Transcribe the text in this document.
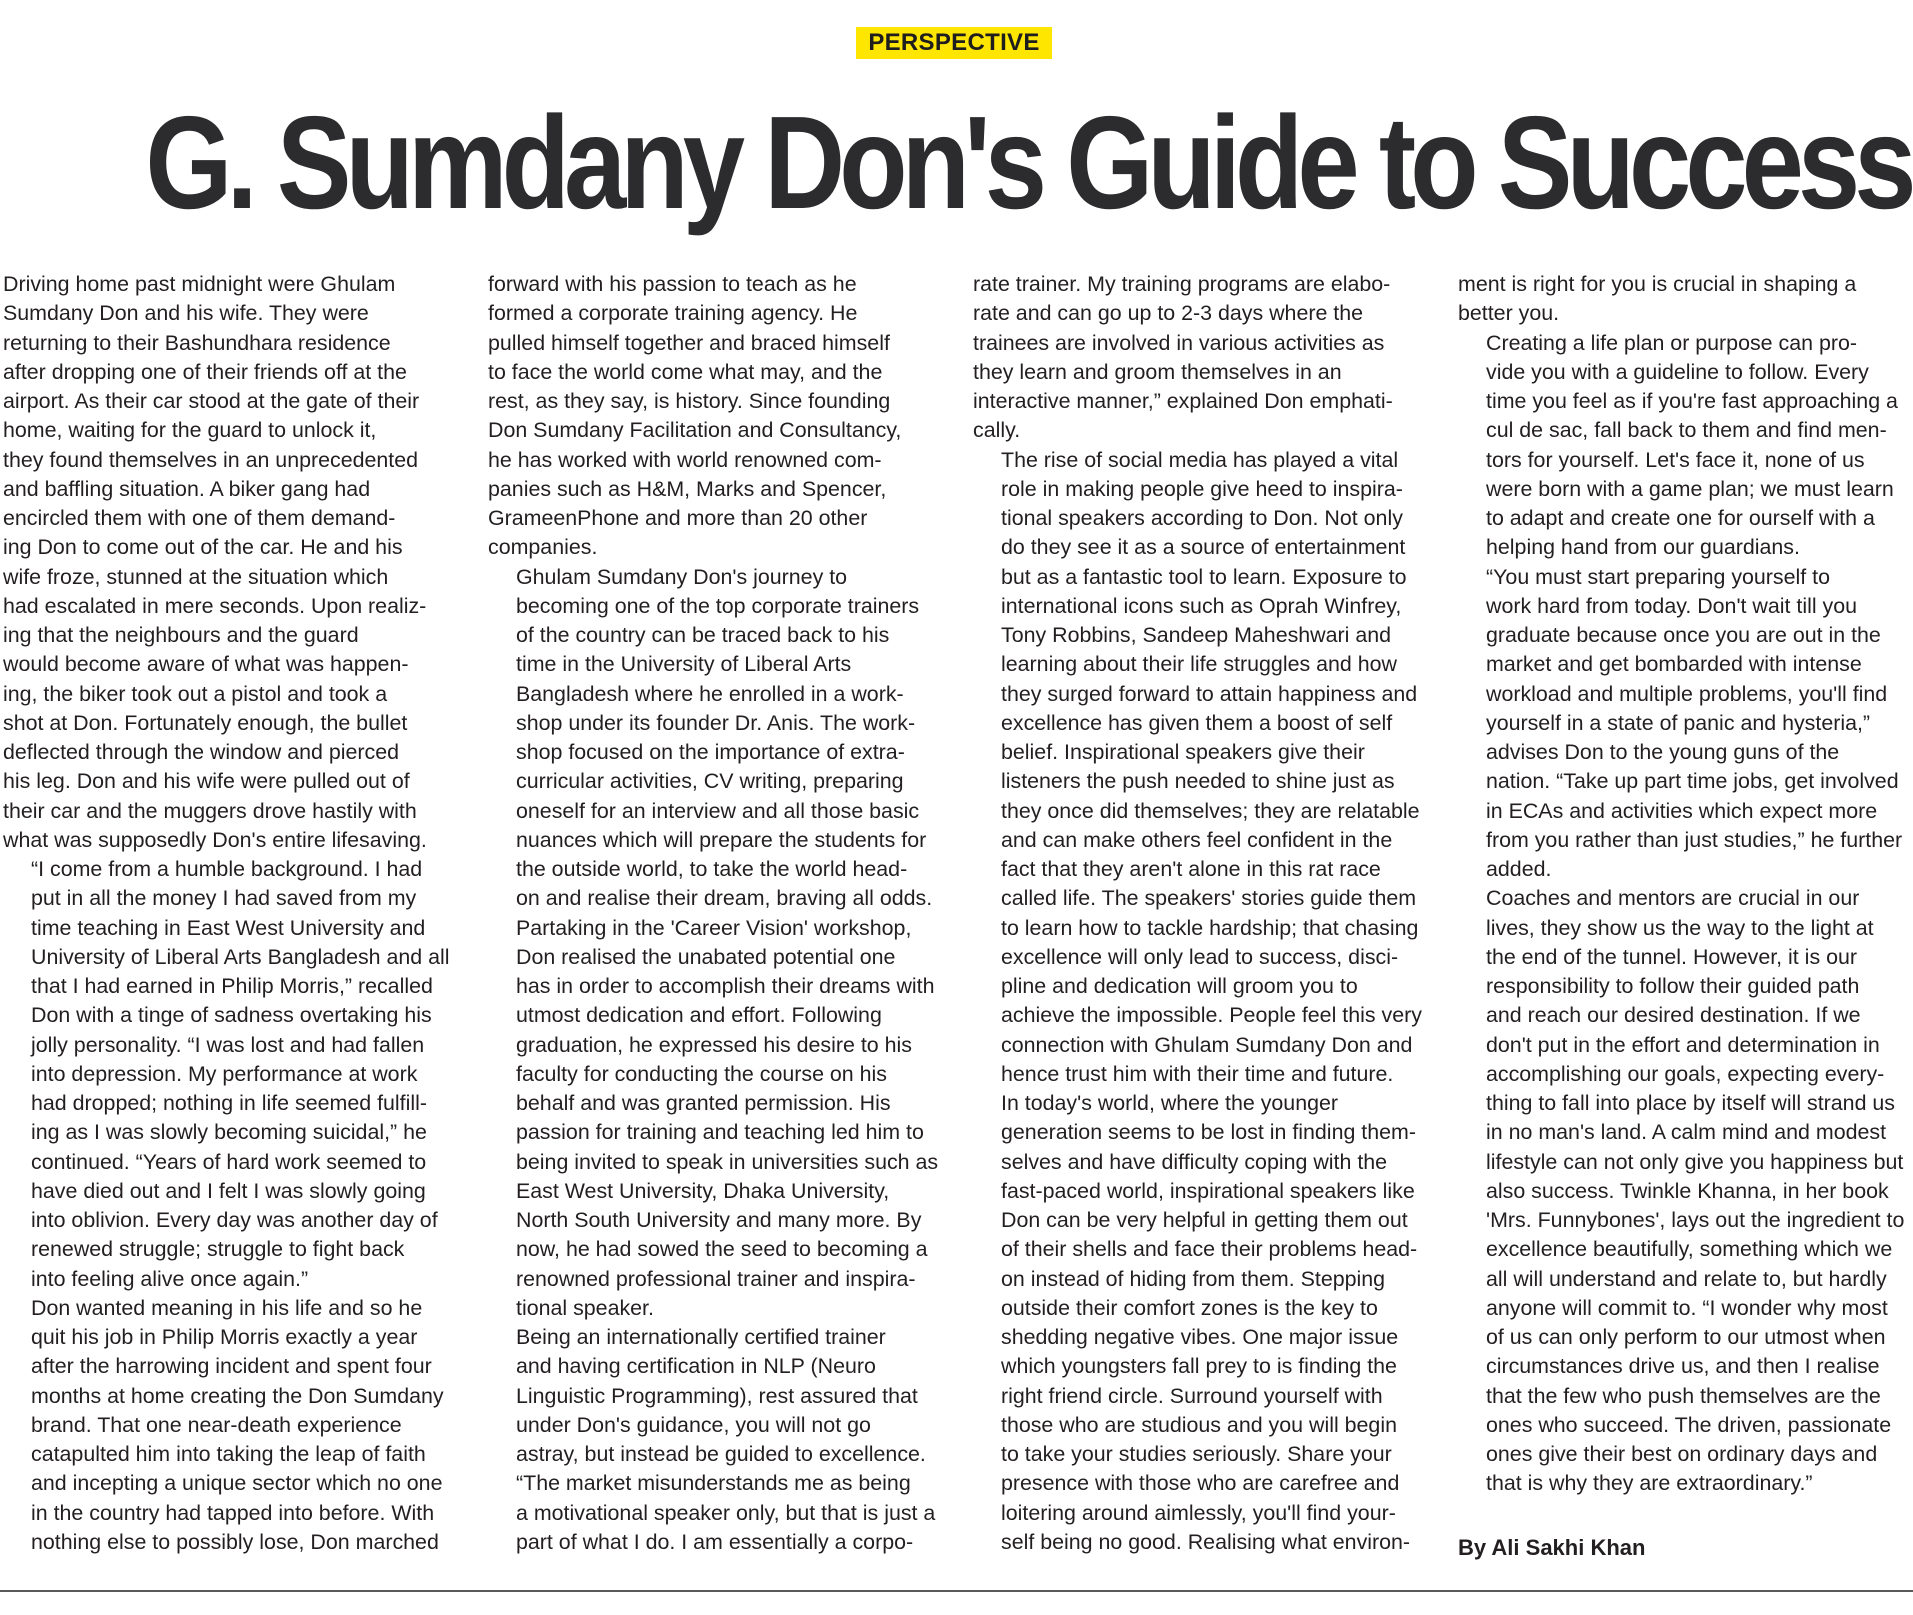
PERSPECTIVE
G. Sumdany Don's Guide to Success

Driving home past midnight were Ghulam
Sumdany Don and his wife. They were
returning to their Bashundhara residence
after dropping one of their friends off at the
airport. As their car stood at the gate of their
home, waiting for the guard to unlock it,
they found themselves in an unprecedented
and baffling situation. A biker gang had
encircled them with one of them demand-
ing Don to come out of the car. He and his
wife froze, stunned at the situation which
had escalated in mere seconds. Upon realiz-
ing that the neighbours and the guard
would become aware of what was happen-
ing, the biker took out a pistol and took a
shot at Don. Fortunately enough, the bullet
deflected through the window and pierced
his leg. Don and his wife were pulled out of
their car and the muggers drove hastily with
what was supposedly Don's entire lifesaving.

“I come from a humble background. I had
put in all the money I had saved from my
time teaching in East West University and
University of Liberal Arts Bangladesh and all
that I had earned in Philip Morris,” recalled
Don with a tinge of sadness overtaking his
jolly personality. “I was lost and had fallen
into depression. My performance at work
had dropped; nothing in life seemed fulfill-
ing as I was slowly becoming suicidal,” he
continued. “Years of hard work seemed to
have died out and I felt I was slowly going
into oblivion. Every day was another day of
renewed struggle; struggle to fight back
into feeling alive once again.”

Don wanted meaning in his life and so he
quit his job in Philip Morris exactly a year
after the harrowing incident and spent four
months at home creating the Don Sumdany
brand. That one near-death experience
catapulted him into taking the leap of faith
and incepting a unique sector which no one
in the country had tapped into before. With
nothing else to possibly lose, Don marched

forward with his passion to teach as he
formed a corporate training agency. He
pulled himself together and braced himself
to face the world come what may, and the
rest, as they say, is history. Since founding
Don Sumdany Facilitation and Consultancy,
he has worked with world renowned com-
panies such as H&M, Marks and Spencer,
GrameenPhone and more than 20 other
companies.

Ghulam Sumdany Don's journey to
becoming one of the top corporate trainers
of the country can be traced back to his
time in the University of Liberal Arts
Bangladesh where he enrolled in a work-
shop under its founder Dr. Anis. The work-
shop focused on the importance of extra-
curricular activities, CV writing, preparing
oneself for an interview and all those basic
nuances which will prepare the students for
the outside world, to take the world head-
on and realise their dream, braving all odds.
Partaking in the 'Career Vision' workshop,
Don realised the unabated potential one
has in order to accomplish their dreams with
utmost dedication and effort. Following
graduation, he expressed his desire to his
faculty for conducting the course on his
behalf and was granted permission. His
passion for training and teaching led him to
being invited to speak in universities such as
East West University, Dhaka University,
North South University and many more. By
now, he had sowed the seed to becoming a
renowned professional trainer and inspira-
tional speaker.

Being an internationally certified trainer
and having certification in NLP (Neuro
Linguistic Programming), rest assured that
under Don's guidance, you will not go
astray, but instead be guided to excellence.

“The market misunderstands me as being
a motivational speaker only, but that is just a
part of what I do. I am essentially a corpo-

rate trainer. My training programs are elabo-
rate and can go up to 2-3 days where the
trainees are involved in various activities as
they learn and groom themselves in an
interactive manner,” explained Don emphati-
cally.

The rise of social media has played a vital
role in making people give heed to inspira-
tional speakers according to Don. Not only
do they see it as a source of entertainment
but as a fantastic tool to learn. Exposure to
international icons such as Oprah Winfrey,
Tony Robbins, Sandeep Maheshwari and
learning about their life struggles and how
they surged forward to attain happiness and
excellence has given them a boost of self
belief. Inspirational speakers give their
listeners the push needed to shine just as
they once did themselves; they are relatable
and can make others feel confident in the
fact that they aren't alone in this rat race
called life. The speakers' stories guide them
to learn how to tackle hardship; that chasing
excellence will only lead to success, disci-
pline and dedication will groom you to
achieve the impossible. People feel this very
connection with Ghulam Sumdany Don and
hence trust him with their time and future.

In today's world, where the younger
generation seems to be lost in finding them-
selves and have difficulty coping with the
fast-paced world, inspirational speakers like
Don can be very helpful in getting them out
of their shells and face their problems head-
on instead of hiding from them. Stepping
outside their comfort zones is the key to
shedding negative vibes. One major issue
which youngsters fall prey to is finding the
right friend circle. Surround yourself with
those who are studious and you will begin
to take your studies seriously. Share your
presence with those who are carefree and
loitering around aimlessly, you'll find your-
self being no good. Realising what environ-

ment is right for you is crucial in shaping a
better you.

Creating a life plan or purpose can pro-
vide you with a guideline to follow. Every
time you feel as if you're fast approaching a
cul de sac, fall back to them and find men-
tors for yourself. Let's face it, none of us
were born with a game plan; we must learn
to adapt and create one for ourself with a
helping hand from our guardians.

“You must start preparing yourself to
work hard from today. Don't wait till you
graduate because once you are out in the
market and get bombarded with intense
workload and multiple problems, you'll find
yourself in a state of panic and hysteria,”
advises Don to the young guns of the
nation. “Take up part time jobs, get involved
in ECAs and activities which expect more
from you rather than just studies,” he further
added.

Coaches and mentors are crucial in our
lives, they show us the way to the light at
the end of the tunnel. However, it is our
responsibility to follow their guided path
and reach our desired destination. If we
don't put in the effort and determination in
accomplishing our goals, expecting every-
thing to fall into place by itself will strand us
in no man's land. A calm mind and modest
lifestyle can not only give you happiness but
also success. Twinkle Khanna, in her book
'Mrs. Funnybones', lays out the ingredient to
excellence beautifully, something which we
all will understand and relate to, but hardly
anyone will commit to. “I wonder why most
of us can only perform to our utmost when
circumstances drive us, and then I realise
that the few who push themselves are the
ones who succeed. The driven, passionate
ones give their best on ordinary days and
that is why they are extraordinary.”

By Ali Sakhi Khan
